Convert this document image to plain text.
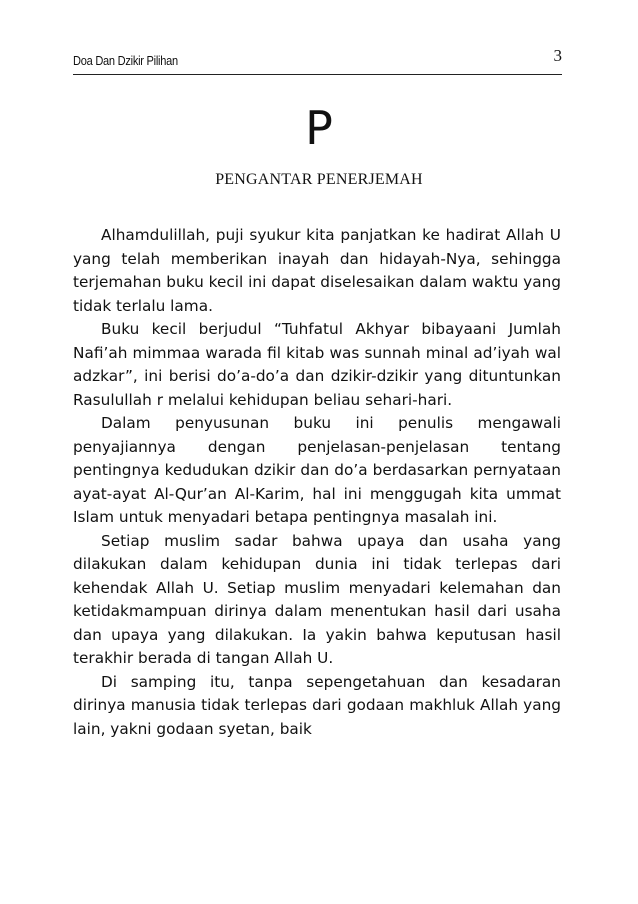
Doa Dan Dzikir Pilihan	3
P
PENGANTAR PENERJEMAH

Alhamdulillah, puji syukur kita panjatkan ke hadirat Allah U yang telah memberikan inayah dan hidayah-Nya, sehingga terjemahan buku kecil ini dapat diselesaikan dalam waktu yang tidak terlalu lama.

Buku kecil berjudul “Tuhfatul Akhyar bibayaani Jumlah Nafi’ah mimmaa warada fil kitab was sunnah minal ad’iyah wal adzkar”, ini berisi do’a-do’a dan dzikir-dzikir yang dituntunkan Rasulullah r melalui kehidupan beliau sehari-hari.

Dalam penyusunan buku ini penulis mengawali penyajiannya dengan penjelasan-penjelasan tentang pentingnya kedudukan dzikir dan do’a berdasarkan pernyataan ayat-ayat Al-Qur’an Al-Karim, hal ini menggugah kita ummat Islam untuk menyadari betapa pentingnya masalah ini.

Setiap muslim sadar bahwa upaya dan usaha yang dilakukan dalam kehidupan dunia ini tidak terlepas dari kehendak Allah U. Setiap muslim menyadari kelemahan dan ketidakmampuan dirinya dalam menentukan hasil dari usaha dan upaya yang dilakukan. Ia yakin bahwa keputusan hasil terakhir berada di tangan Allah U.

Di samping itu, tanpa sepengetahuan dan kesadaran dirinya manusia tidak terlepas dari godaan makhluk Allah yang lain, yakni godaan syetan, baik
